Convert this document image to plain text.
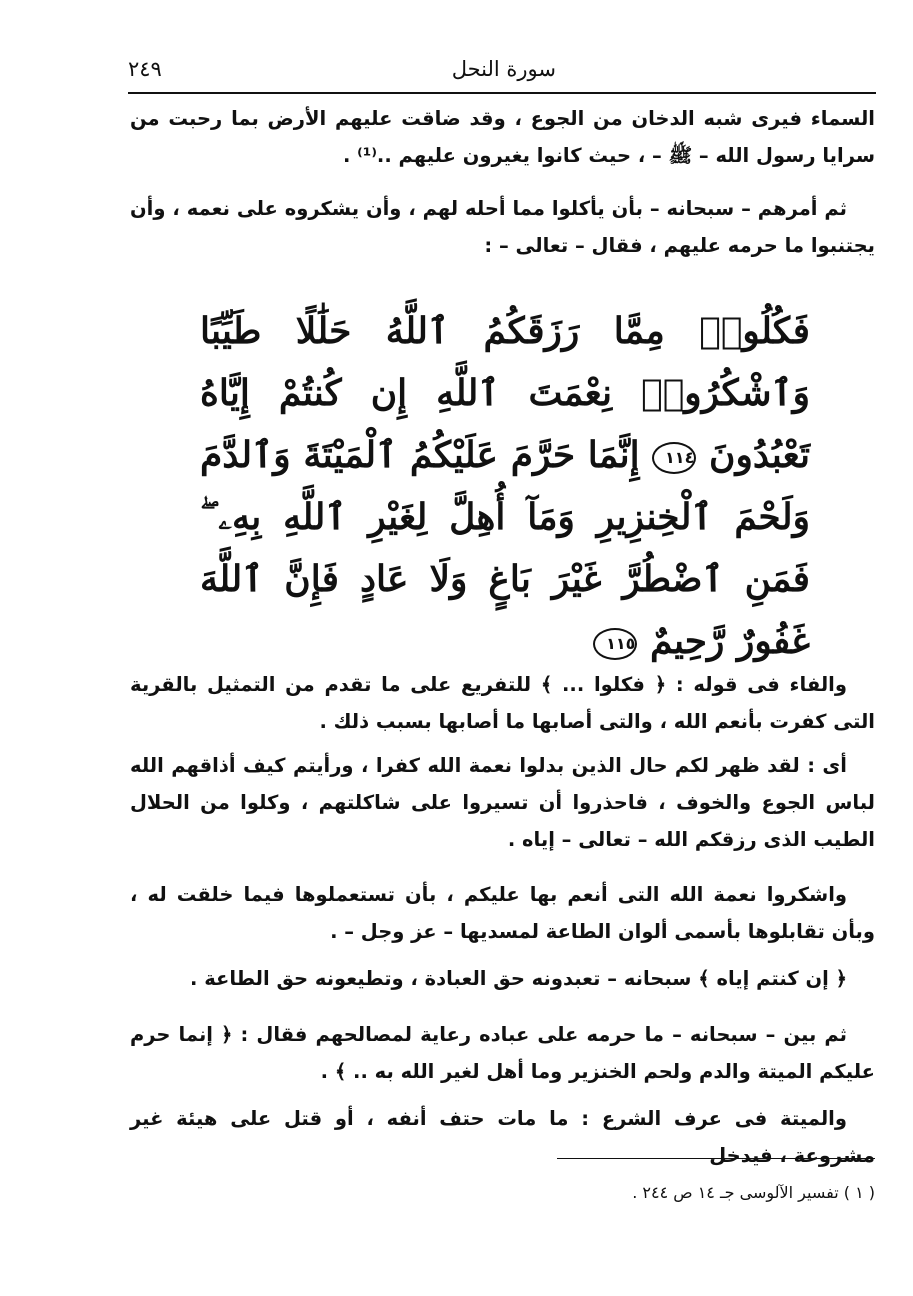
سورة النحل
٢٤٩

السماء فيرى شبه الدخان من الجوع ، وقد ضاقت عليهم الأرض بما رحبت من سرايا رسول الله – ﷺ – ، حيث كانوا يغيرون عليهم ..⁽¹⁾ .

ثم أمرهم – سبحانه – بأن يأكلوا مما أحله لهم ، وأن يشكروه على نعمه ، وأن يجتنبوا ما حرمه عليهم ، فقال – تعالى – :

فَكُلُوا۟ مِمَّا رَزَقَكُمُ ٱللَّهُ حَلَٰلًا طَيِّبًا وَٱشْكُرُوا۟ نِعْمَتَ ٱللَّهِ إِن كُنتُمْ إِيَّاهُ تَعْبُدُونَ ١١٤ إِنَّمَا حَرَّمَ عَلَيْكُمُ ٱلْمَيْتَةَ وَٱلدَّمَ وَلَحْمَ ٱلْخِنزِيرِ وَمَآ أُهِلَّ لِغَيْرِ ٱللَّهِ بِهِۦ ۖ فَمَنِ ٱضْطُرَّ غَيْرَ بَاغٍ وَلَا عَادٍ فَإِنَّ ٱللَّهَ غَفُورٌ رَّحِيمٌ ١١٥

والفاء فى قوله : ﴿ فكلوا ... ﴾ للتفريع على ما تقدم من التمثيل بالقرية التى كفرت بأنعم الله ، والتى أصابها ما أصابها بسبب ذلك .

أى : لقد ظهر لكم حال الذين بدلوا نعمة الله كفرا ، ورأيتم كيف أذاقهم الله لباس الجوع والخوف ، فاحذروا أن تسيروا على شاكلتهم ، وكلوا من الحلال الطيب الذى رزقكم الله – تعالى – إياه .

واشكروا نعمة الله التى أنعم بها عليكم ، بأن تستعملوها فيما خلقت له ، وبأن تقابلوها بأسمى ألوان الطاعة لمسديها – عز وجل – .

﴿ إن كنتم إياه ﴾ سبحانه – تعبدونه حق العبادة ، وتطيعونه حق الطاعة .

ثم بين – سبحانه – ما حرمه على عباده رعاية لمصالحهم فقال : ﴿ إنما حرم عليكم الميتة والدم ولحم الخنزير وما أهل لغير الله به .. ﴾ .

والميتة فى عرف الشرع : ما مات حتف أنفه ، أو قتل على هيئة غير مشروعة ، فيدخل

( ١ ) تفسير الآلوسى جـ ١٤ ص ٢٤٤ .
